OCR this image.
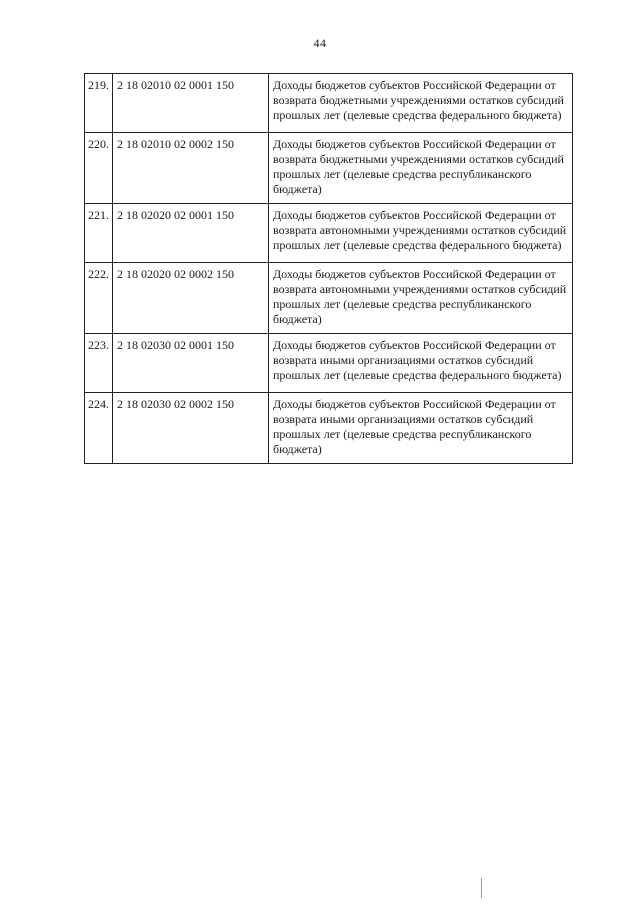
44
219.	2 18 02010 02 0001 150	Доходы бюджетов субъектов Российской Федерации от возврата бюджетными учреждениями остатков субсидий прошлых лет (целевые средства федерального бюджета)
220.	2 18 02010 02 0002 150	Доходы бюджетов субъектов Российской Федерации от возврата бюджетными учреждениями остатков субсидий прошлых лет (целевые средства республиканского бюджета)
221.	2 18 02020 02 0001 150	Доходы бюджетов субъектов Российской Федерации от возврата автономными учреждениями остатков субсидий прошлых лет (целевые средства федерального бюджета)
222.	2 18 02020 02 0002 150	Доходы бюджетов субъектов Российской Федерации от возврата автономными учреждениями остатков субсидий прошлых лет (целевые средства республиканского бюджета)
223.	2 18 02030 02 0001 150	Доходы бюджетов субъектов Российской Федерации от возврата иными организациями остатков субсидий прошлых лет (целевые средства федерального бюджета)
224.	2 18 02030 02 0002 150	Доходы бюджетов субъектов Российской Федерации от возврата иными организациями остатков субсидий прошлых лет (целевые средства республиканского бюджета)
